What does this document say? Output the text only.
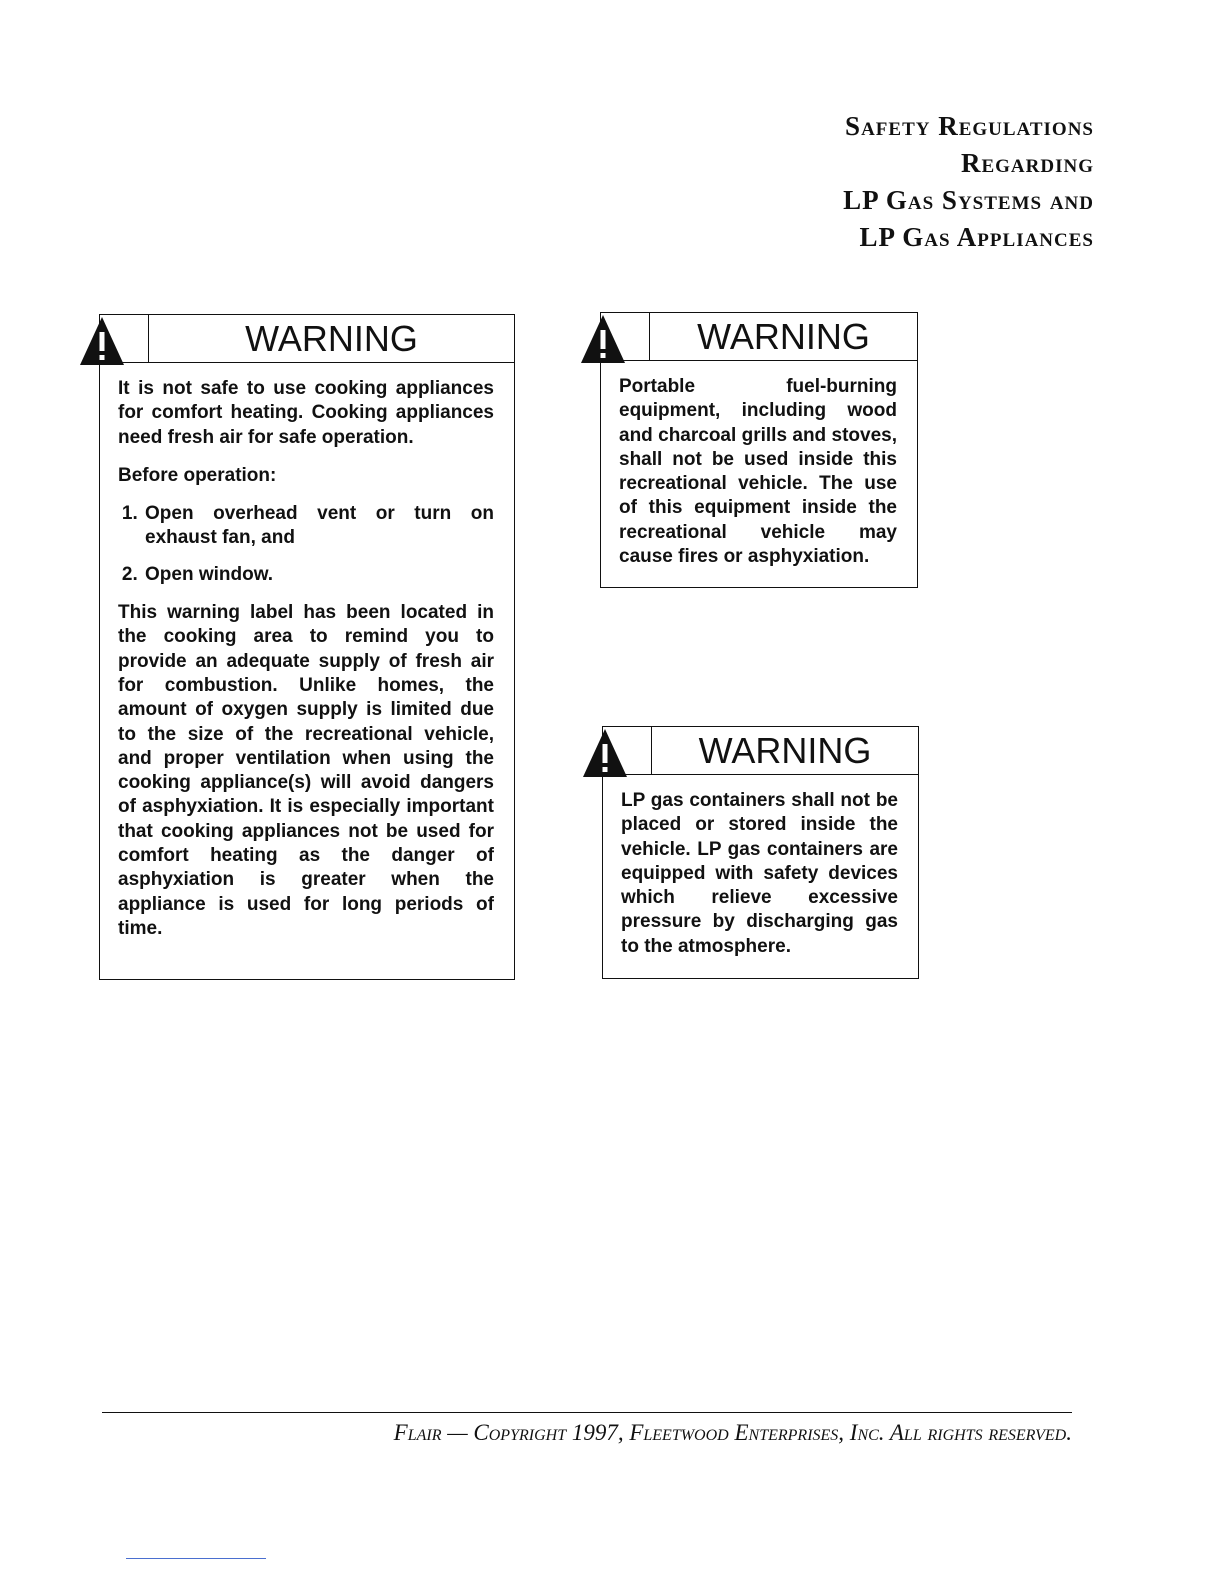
Safety Regulations
Regarding
LP Gas Systems and
LP Gas Appliances
WARNING

It is not safe to use cooking appliances for comfort heating. Cooking appliances need fresh air for safe operation.

Before operation:

1. Open overhead vent or turn on exhaust fan, and
2. Open window.

This warning label has been located in the cooking area to remind you to provide an adequate supply of fresh air for combustion. Unlike homes, the amount of oxygen supply is limited due to the size of the recreational vehicle, and proper ventilation when using the cooking appliance(s) will avoid dangers of asphyxiation. It is especially important that cooking appliances not be used for comfort heating as the danger of asphyxiation is greater when the appliance is used for long periods of time.

WARNING

Portable fuel-burning equipment, including wood and charcoal grills and stoves, shall not be used inside this recreational vehicle. The use of this equipment inside the recreational vehicle may cause fires or asphyxiation.

WARNING

LP gas containers shall not be placed or stored inside the vehicle. LP gas containers are equipped with safety devices which relieve excessive pressure by discharging gas to the atmosphere.

Flair — Copyright 1997, Fleetwood Enterprises, Inc. All rights reserved.
